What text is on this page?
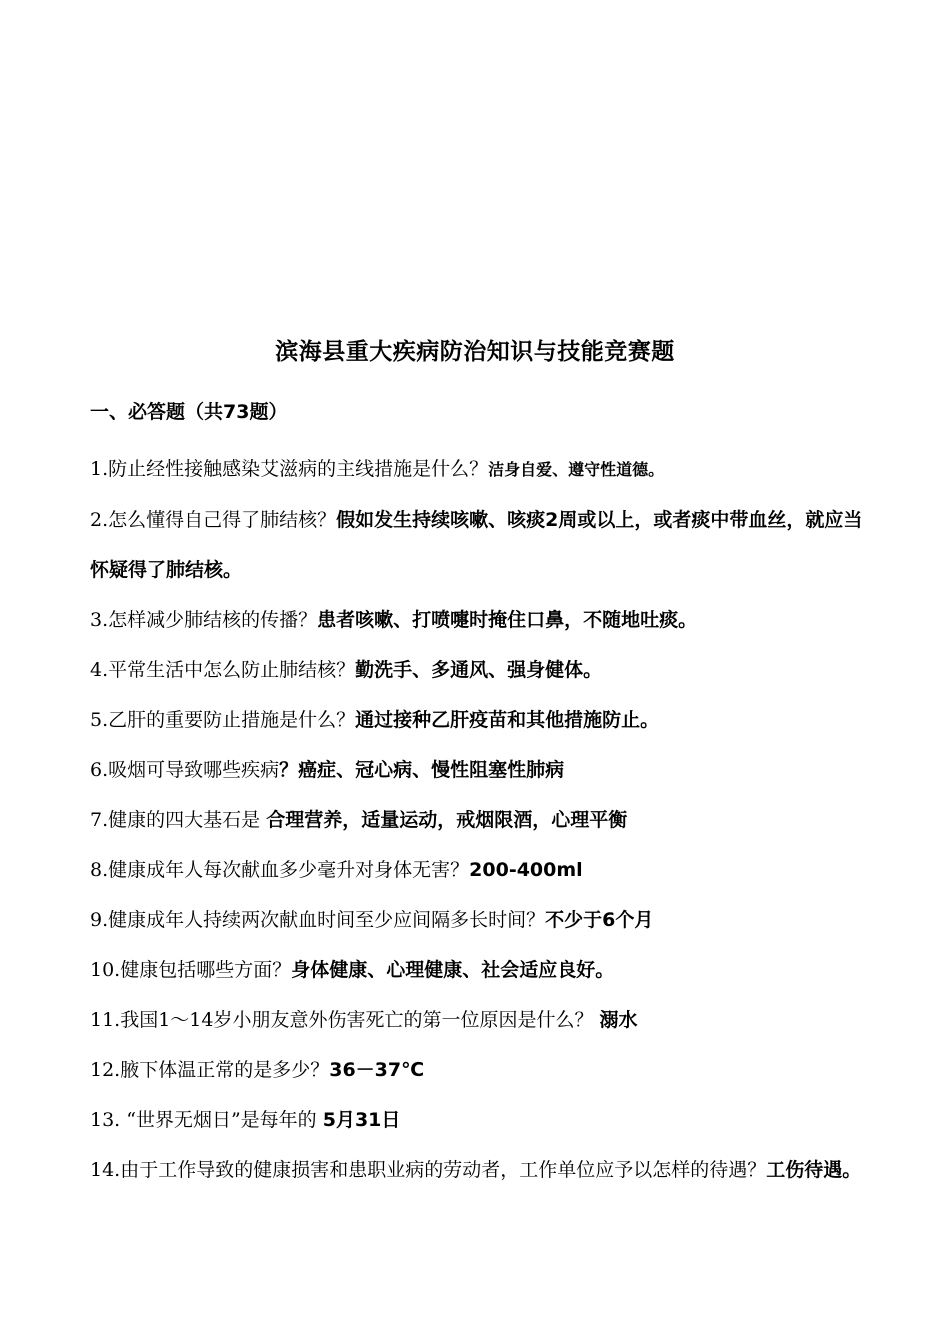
滨海县重大疾病防治知识与技能竞赛题
一、必答题（共73题）
1.防止经性接触感染艾滋病的主线措施是什么？洁身自爱、遵守性道德。
2.怎么懂得自己得了肺结核？假如发生持续咳嗽、咳痰2周或以上，或者痰中带血丝，就应当怀疑得了肺结核。
3.怎样减少肺结核的传播？患者咳嗽、打喷嚏时掩住口鼻，不随地吐痰。
4.平常生活中怎么防止肺结核？勤洗手、多通风、强身健体。
5.乙肝的重要防止措施是什么？通过接种乙肝疫苗和其他措施防止。
6.吸烟可导致哪些疾病？癌症、冠心病、慢性阻塞性肺病
7.健康的四大基石是 合理营养，适量运动，戒烟限酒，心理平衡
8.健康成年人每次献血多少毫升对身体无害？200-400ml
9.健康成年人持续两次献血时间至少应间隔多长时间？不少于6个月
10.健康包括哪些方面？身体健康、心理健康、社会适应良好。
11.我国1～14岁小朋友意外伤害死亡的第一位原因是什么？ 溺水
12.腋下体温正常的是多少？36－37℃
13. “世界无烟日”是每年的 5月31日
14.由于工作导致的健康损害和患职业病的劳动者，工作单位应予以怎样的待遇？工伤待遇。
